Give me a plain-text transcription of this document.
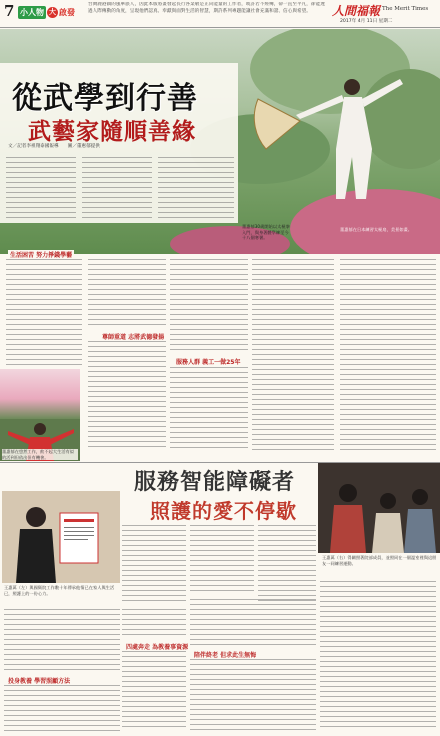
7 小人物 大 啟發
台灣鹿港鎮的風華旅人，因此本版將畫發起長行各業敬是正向能量的工作者，或許若不經傳，卻一直至平凡，卻能透過人際傳動的角度，呈現他們認真、奉獻與面對生活的智慧，期許系列專題能讓社會充滿和諧、信心與希望。	人間福報 The Merit Times
2017年 4月 11日 星期二
從武學到行善
武藝家隨順善緣
文／記者李祖翔泰國報導　　圖／董惠郁提供
生活困苦 努力掙錢學藝
董惠郁30歲開始以太極拳入門，與身著體學練至今十八個寒暑。
董惠郁在悠然工作，飲不起大生活有似的活到但依出但有機會。
尊師重道 志將武德發揚
服務人群 義工一做25年
董惠郁在日本練習太極扇，美景如畫。
服務智能障礙者
照護的愛不停歇
王惠萬（左）與國衛院工作數十年傳承他情已在家人與生活已，照護上的一份心力。
王惠萬（右）得關照著院部成員，並照同在一個溫室裡與這朋友一同練習運動。
投身教養 學習照顧方法
四處奔走 為教養事資源
陪伴終老 但求此生無悔
